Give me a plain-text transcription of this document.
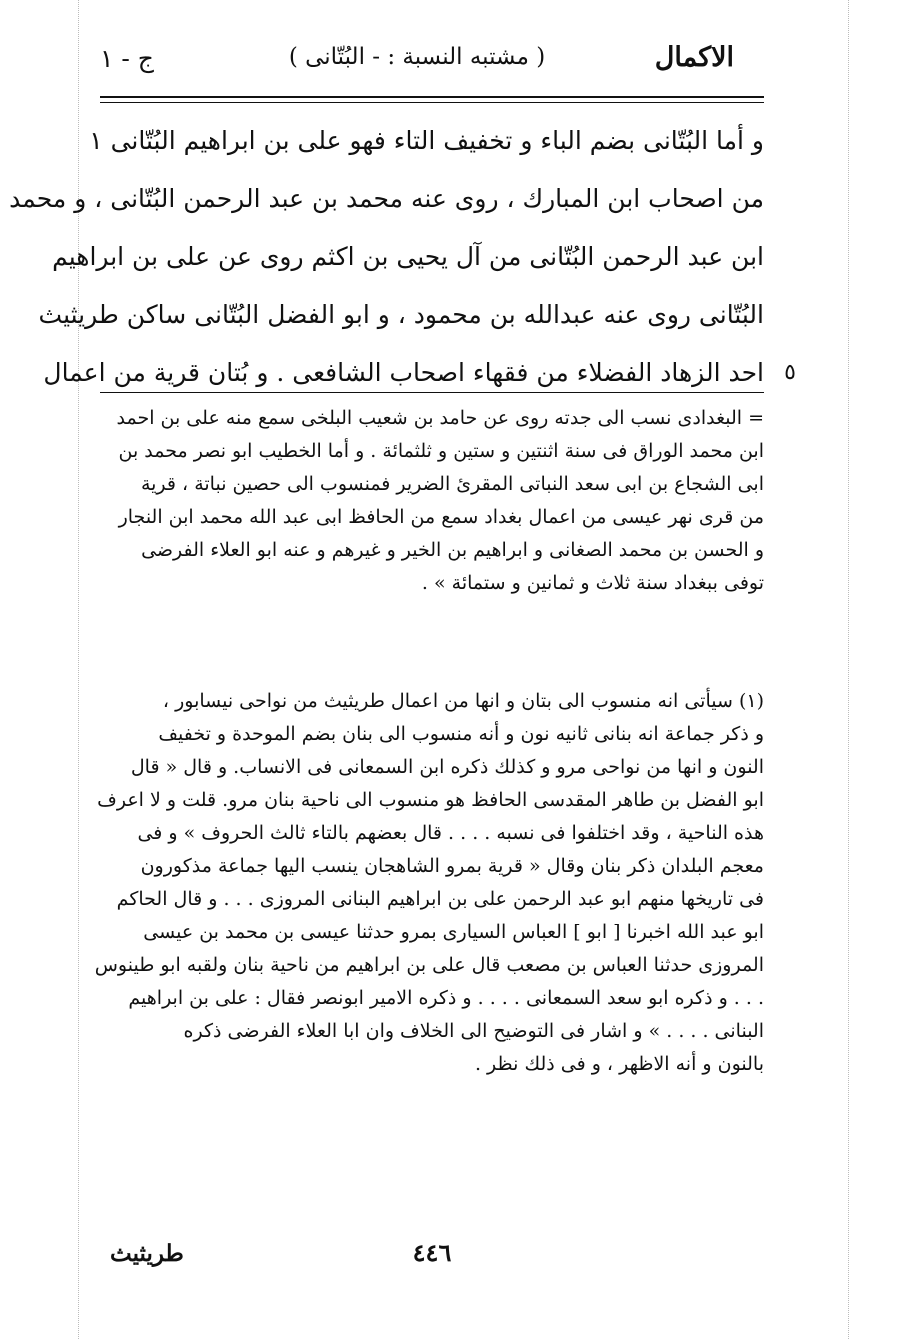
الاكمال
( مشتبه النسبة : - البُتّانى )
ج - ١
و أما البُتّانى بضم الباء و تخفيف التاء فهو على بن ابراهيم البُتّانى ١
من اصحاب ابن المبارك ، روى عنه محمد بن عبد الرحمن البُتّانى ، و محمد
ابن عبد الرحمن البُتّانى من آل يحيى بن اكثم روى عن على بن ابراهيم
البُتّانى روى عنه عبدالله بن محمود ، و ابو الفضل البُتّانى ساكن طريثيث
٥
احد الزهاد الفضلاء من فقهاء اصحاب الشافعى . و بُتان قرية من اعمال
= البغدادى نسب الى جدته روى عن حامد بن شعيب البلخى سمع منه على بن احمد
ابن محمد الوراق فى سنة اثنتين و ستين و ثلثمائة . و أما الخطيب ابو نصر محمد بن
ابى الشجاع بن ابى سعد النباتى المقرئ الضرير فمنسوب الى حصين نباتة ، قرية
من قرى نهر عيسى من اعمال بغداد سمع من الحافظ ابى عبد الله محمد ابن النجار
و الحسن بن محمد الصغانى و ابراهيم بن الخير و غيرهم و عنه ابو العلاء الفرضى
توفى ببغداد سنة ثلاث و ثمانين و ستمائة » .
(١) سيأتى انه منسوب الى بتان و انها من اعمال طريثيث من نواحى نيسابور ،
و ذكر جماعة انه بنانى ثانيه نون و أنه منسوب الى بنان بضم الموحدة و تخفيف
النون و انها من نواحى مرو و كذلك ذكره ابن السمعانى فى الانساب. و قال « قال
ابو الفضل بن طاهر المقدسى الحافظ هو منسوب الى ناحية بنان مرو. قلت و لا اعرف
هذه الناحية ، وقد اختلفوا فى نسبه . . . . قال بعضهم بالتاء ثالث الحروف » و فى
معجم البلدان ذكر بنان وقال « قرية بمرو الشاهجان ينسب اليها جماعة مذكورون
فى تاريخها منهم ابو عبد الرحمن على بن ابراهيم البنانى المروزى . . . و قال الحاكم
ابو عبد الله اخبرنا [ ابو ] العباس السيارى بمرو حدثنا عيسى بن محمد بن عيسى
المروزى حدثنا العباس بن مصعب قال على بن ابراهيم من ناحية بنان ولقبه ابو طينوس
. . . و ذكره ابو سعد السمعانى . . . . و ذكره الامير ابونصر فقال : على بن ابراهيم
البنانى . . . . » و اشار فى التوضيح الى الخلاف وان ابا العلاء الفرضى ذكره
بالنون و أنه الاظهر ، و فى ذلك نظر .
طريثيث	٤٤٦
